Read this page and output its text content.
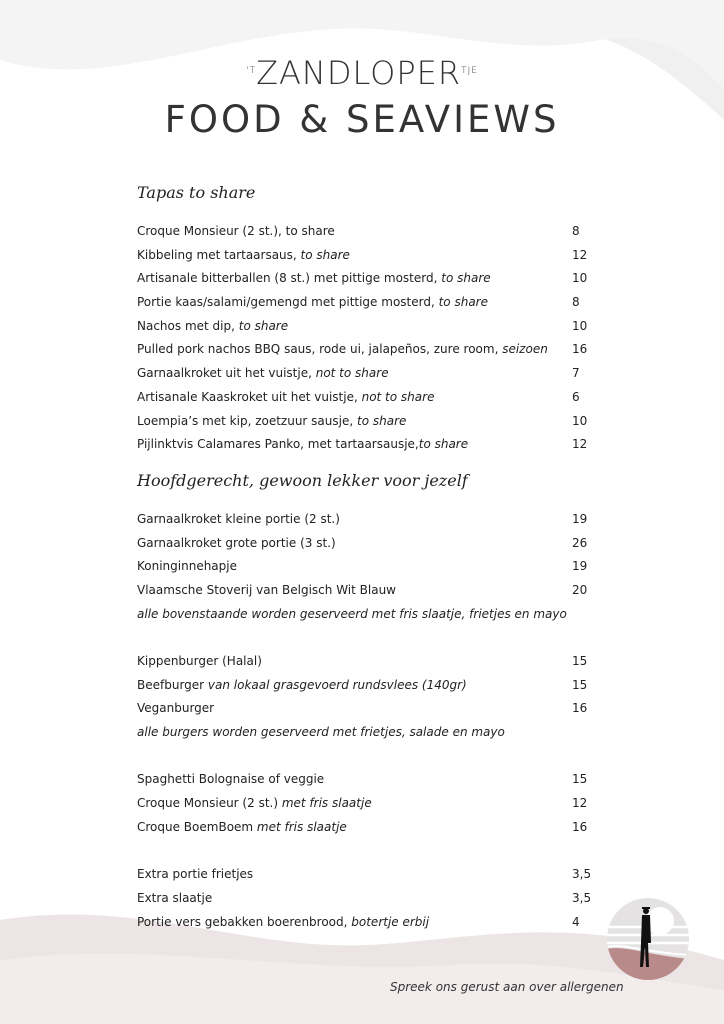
$^{'T}ZANDLOPER^{TJE}$
FOOD & SEAVIEWS
Tapas to share
Croque Monsieur (2 st.), to share	8
Kibbeling met tartaarsaus, to share	12
Artisanale bitterballen (8 st.) met pittige mosterd, to share	10
Portie kaas/salami/gemengd met pittige mosterd, to share	8
Nachos met dip, to share	10
Pulled pork nachos BBQ saus, rode ui, jalapeños, zure room, seizoen 16
Garnaalkroket uit het vuistje, not to share	7
Artisanale Kaaskroket uit het vuistje, not to share	6
Loempia’s met kip, zoetzuur sausje, to share	10
Pijlinktvis Calamares Panko, met tartaarsausje,to share	12
Hoofdgerecht, gewoon lekker voor jezelf
Garnaalkroket kleine portie (2 st.)	19
Garnaalkroket grote portie (3 st.)	26
Koninginnehapje	19
Vlaamsche Stoverij van Belgisch Wit Blauw	20
alle bovenstaande worden geserveerd met fris slaatje, frietjes en mayo
Kippenburger (Halal)	15
Beefburger van lokaal grasgevoerd rundsvlees (140gr)	15
Veganburger	16
alle burgers worden geserveerd met frietjes, salade en mayo
Spaghetti Bolognaise of veggie	15
Croque Monsieur (2 st.) met fris slaatje	12
Croque BoemBoem met fris slaatje	16
Extra portie frietjes	3,5
Extra slaatje	3,5
Portie vers gebakken boerenbrood, botertje erbij	4
Spreek ons gerust aan over allergenen
